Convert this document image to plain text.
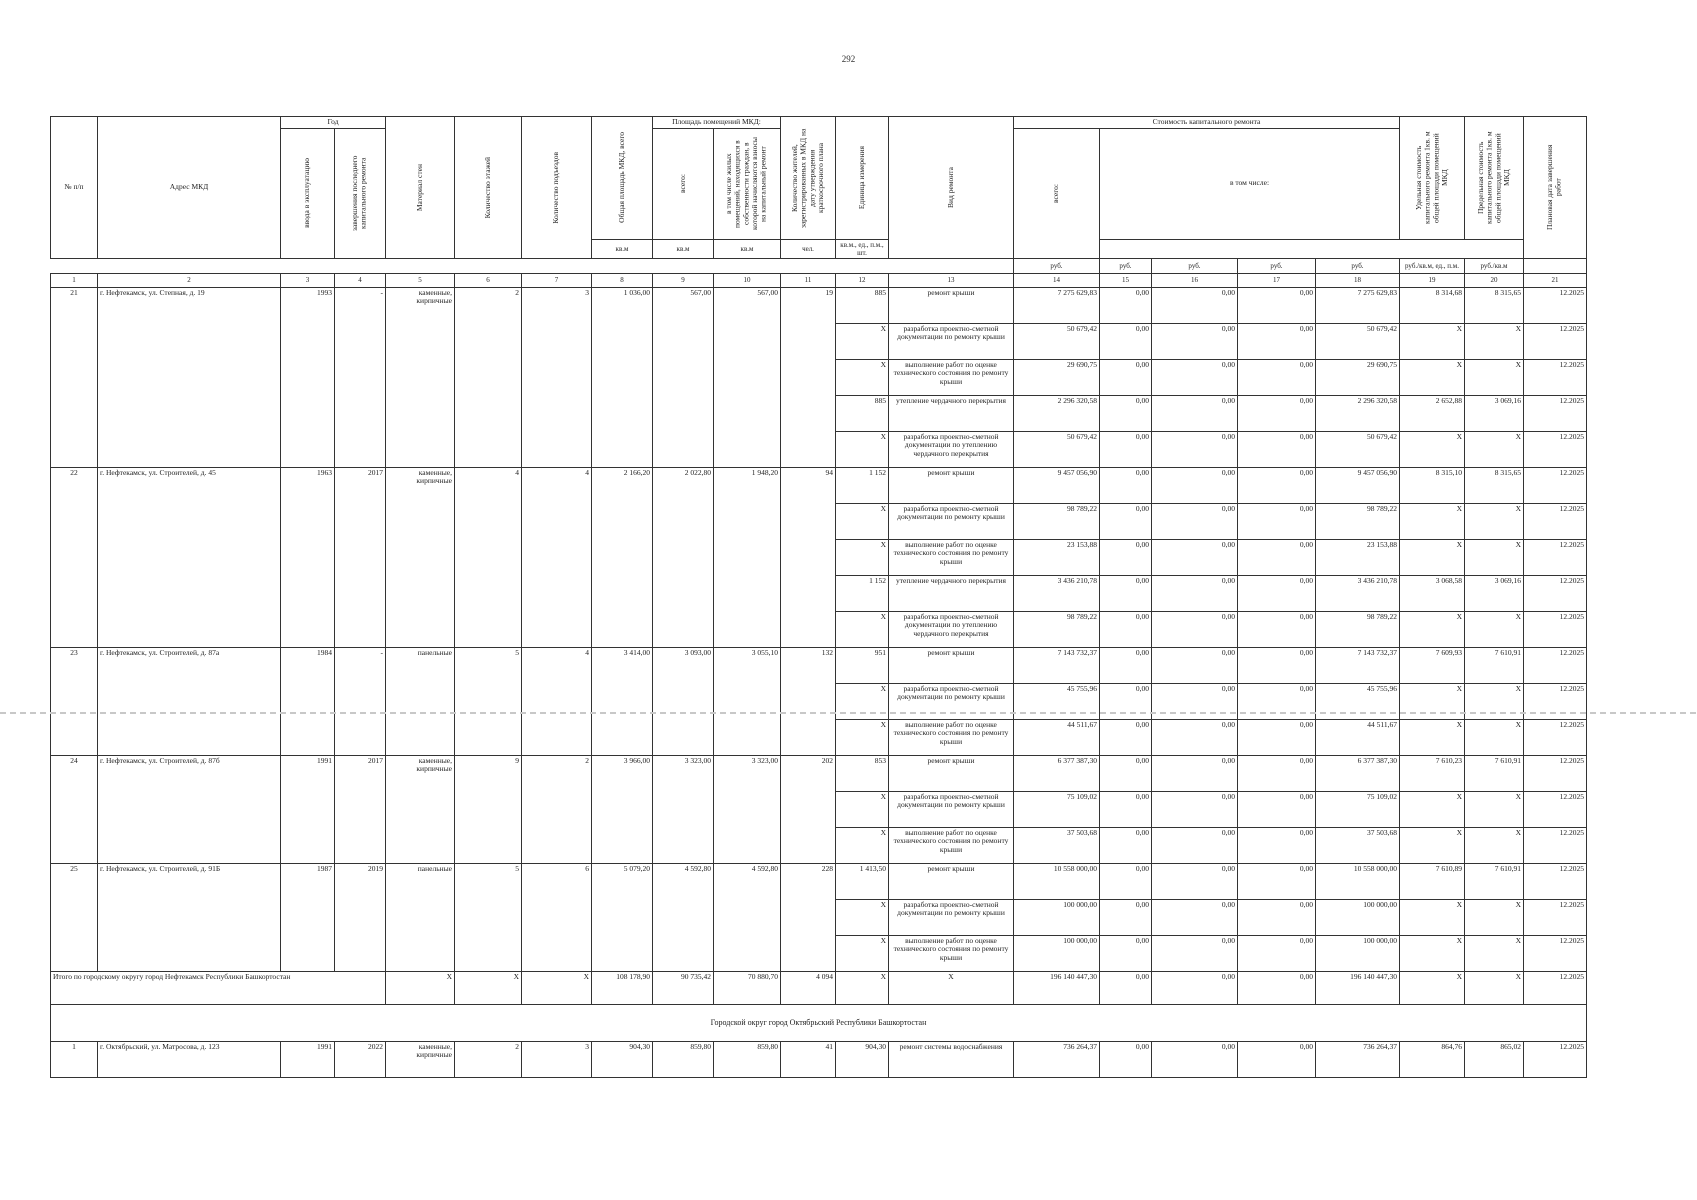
292
№ п/п	Адрес МКД	Год		Материал стен	Количество этажей	Количество подъездов	Общая площадь МКД, всего	Площадь помещений МКД:		Количество жителей, зарегистрированных в МКД на дату утверждения краткосрочного плана	Единица измерения	Вид ремонта	Стоимость капитального ремонта					Удельная стоимость капитального ремонта 1кв. м общей площади помещений МКД	Предельная стоимость капитального ремонта 1кв. м общей площади помещений МКД	Плановая дата завершения работ

		ввода в эксплуатацию	завершения последнего капитального ремонта					всего:	в том числе жилых помещений, находящихся в собственности граждан, в которой начисляются взносы на капитальный ремонт				всего:	в том числе:						
							кв.м	кв.м	кв.м	чел.	кв.м., ед., п.м., шт.									
													руб.	руб.	руб.	руб.	руб.	руб./кв.м, ед., п.м.	руб./кв.м	
1	2	3	4	5	6	7	8	9	10	11	12	13	14	15	16	17	18	19	20	21
21	г. Нефтекамск, ул. Степная, д. 19	1993	-	каменные, кирпичные	2	3	1 036,00	567,00	567,00	19	885	ремонт крыши	7 275 629,83	0,00	0,00	0,00	7 275 629,83	8 314,68	8 315,65	12.2025
											X	разработка проектно-сметной документации по ремонту крыши	50 679,42	0,00	0,00	0,00	50 679,42	X	X	12.2025
											X	выполнение работ по оценке технического состояния по ремонту крыши	29 690,75	0,00	0,00	0,00	29 690,75	X	X	12.2025
											885	утепление чердачного перекрытия	2 296 320,58	0,00	0,00	0,00	2 296 320,58	2 652,88	3 069,16	12.2025
											X	разработка проектно-сметной документации по утеплению чердачного перекрытия	50 679,42	0,00	0,00	0,00	50 679,42	X	X	12.2025
22	г. Нефтекамск, ул. Строителей, д. 45	1963	2017	каменные, кирпичные	4	4	2 166,20	2 022,80	1 948,20	94	1 152	ремонт крыши	9 457 056,90	0,00	0,00	0,00	9 457 056,90	8 315,10	8 315,65	12.2025
											X	разработка проектно-сметной документации по ремонту крыши	98 789,22	0,00	0,00	0,00	98 789,22	X	X	12.2025
											X	выполнение работ по оценке технического состояния по ремонту крыши	23 153,88	0,00	0,00	0,00	23 153,88	X	X	12.2025
											1 152	утепление чердачного перекрытия	3 436 210,78	0,00	0,00	0,00	3 436 210,78	3 068,58	3 069,16	12.2025
											X	разработка проектно-сметной документации по утеплению чердачного перекрытия	98 789,22	0,00	0,00	0,00	98 789,22	X	X	12.2025
23	г. Нефтекамск, ул. Строителей, д. 87а	1984	-	панельные	5	4	3 414,00	3 093,00	3 055,10	132	951	ремонт крыши	7 143 732,37	0,00	0,00	0,00	7 143 732,37	7 609,93	7 610,91	12.2025
											X	разработка проектно-сметной документации по ремонту крыши	45 755,96	0,00	0,00	0,00	45 755,96	X	X	12.2025
											X	выполнение работ по оценке технического состояния по ремонту крыши	44 511,67	0,00	0,00	0,00	44 511,67	X	X	12.2025
24	г. Нефтекамск, ул. Строителей, д. 87б	1991	2017	каменные, кирпичные	9	2	3 966,00	3 323,00	3 323,00	202	853	ремонт крыши	6 377 387,30	0,00	0,00	0,00	6 377 387,30	7 610,23	7 610,91	12.2025
											X	разработка проектно-сметной документации по ремонту крыши	75 109,02	0,00	0,00	0,00	75 109,02	X	X	12.2025
											X	выполнение работ по оценке технического состояния по ремонту крыши	37 503,68	0,00	0,00	0,00	37 503,68	X	X	12.2025
25	г. Нефтекамск, ул. Строителей, д. 91Б	1987	2019	панельные	5	6	5 079,20	4 592,80	4 592,80	228	1 413,50	ремонт крыши	10 558 000,00	0,00	0,00	0,00	10 558 000,00	7 610,89	7 610,91	12.2025
											X	разработка проектно-сметной документации по ремонту крыши	100 000,00	0,00	0,00	0,00	100 000,00	X	X	12.2025
											X	выполнение работ по оценке технического состояния по ремонту крыши	100 000,00	0,00	0,00	0,00	100 000,00	X	X	12.2025
Итого по городскому округу город Нефтекамск Республики Башкортостан				X	X	X	108 178,90	90 735,42	70 880,70	4 094	X	X	196 140 447,30	0,00	0,00	0,00	196 140 447,30	X	X	12.2025
Городской округ город Октябрьский Республики Башкортостан																				
1	г. Октябрьский, ул. Матросова, д. 123	1991	2022	каменные, кирпичные	2	3	904,30	859,80	859,80	41	904,30	ремонт системы водоснабжения	736 264,37	0,00	0,00	0,00	736 264,37	864,76	865,02	12.2025
